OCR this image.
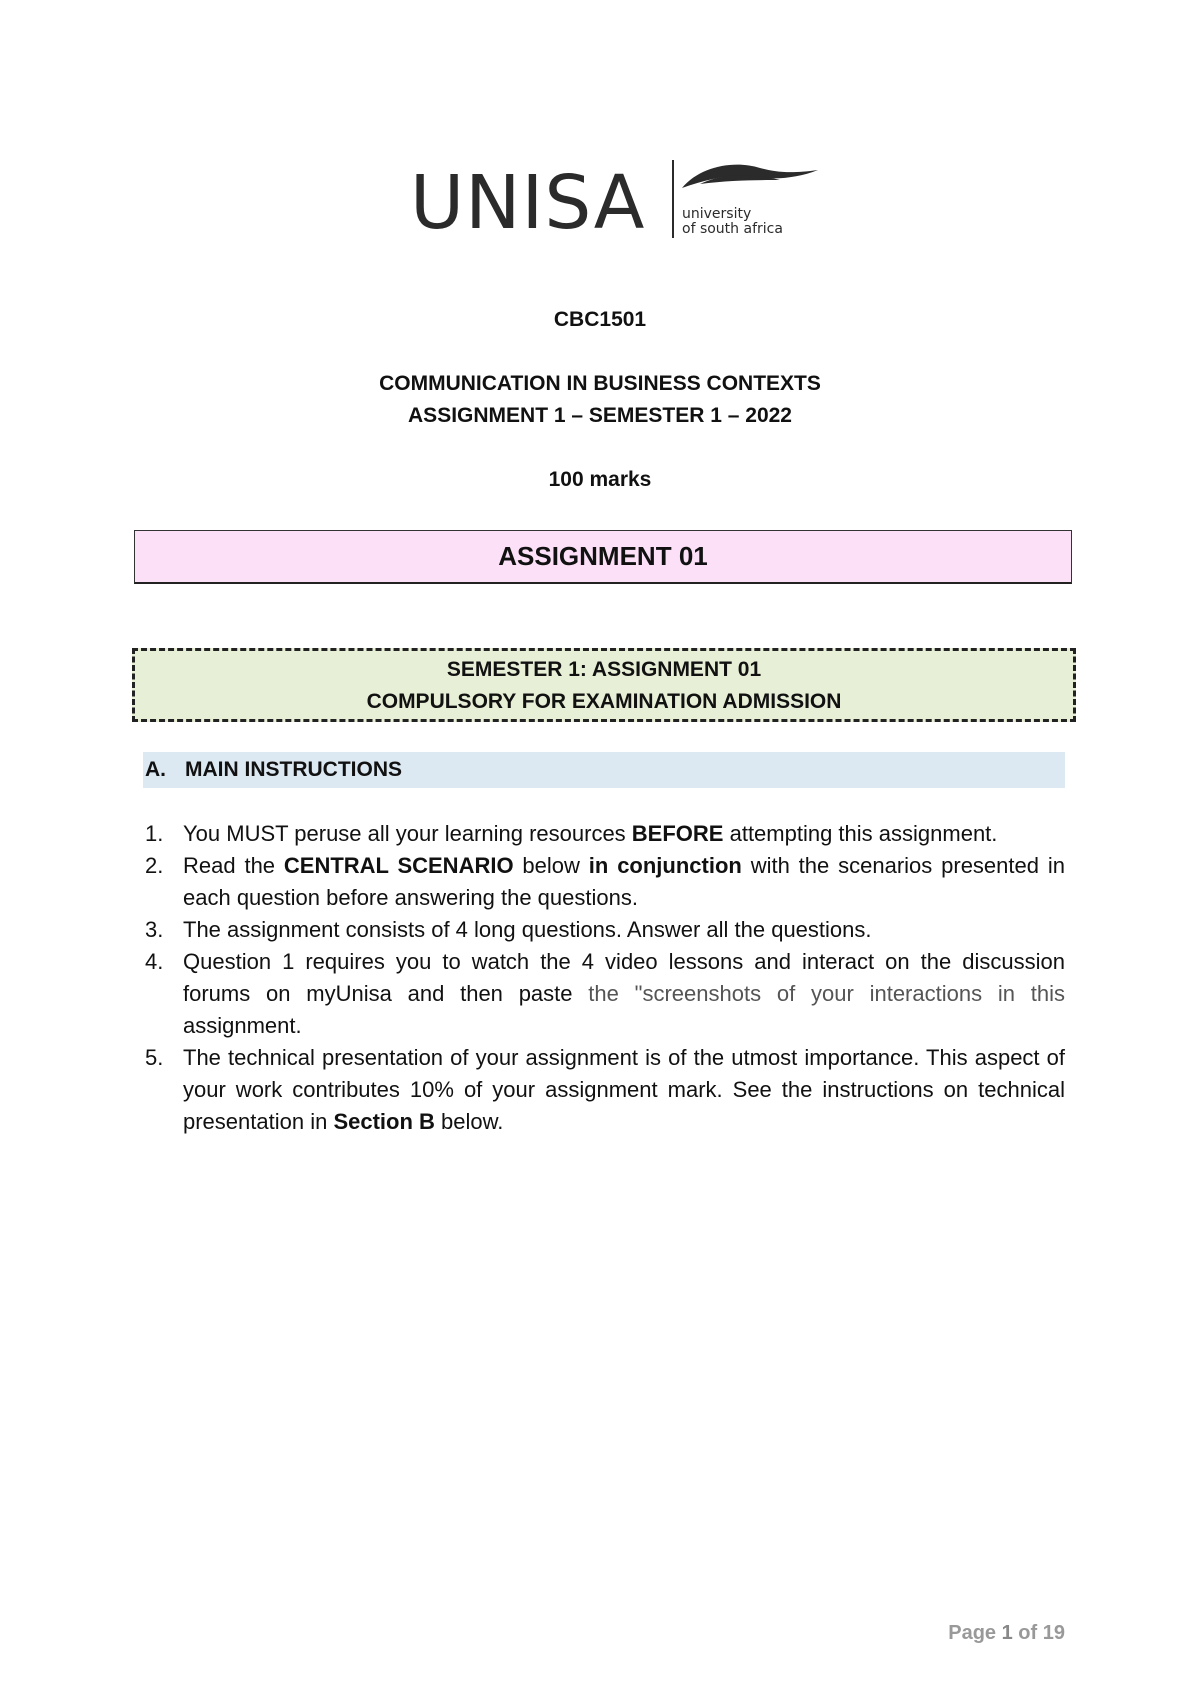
UNISA	university
of south africa
CBC1501
COMMUNICATION IN BUSINESS CONTEXTS
ASSIGNMENT 1 – SEMESTER 1 – 2022
100 marks
ASSIGNMENT 01
SEMESTER 1: ASSIGNMENT 01
COMPULSORY FOR EXAMINATION ADMISSION
A. MAIN INSTRUCTIONS
1. You MUST peruse all your learning resources BEFORE attempting this assignment.
2. Read the CENTRAL SCENARIO below in conjunction with the scenarios presented in each question before answering the questions.
3. The assignment consists of 4 long questions. Answer all the questions.
4. Question 1 requires you to watch the 4 video lessons and interact on the discussion forums on myUnisa and then paste the "screenshots of your interactions in this assignment.
5. The technical presentation of your assignment is of the utmost importance. This aspect of your work contributes 10% of your assignment mark. See the instructions on technical presentation in Section B below.
Page 1 of 19
